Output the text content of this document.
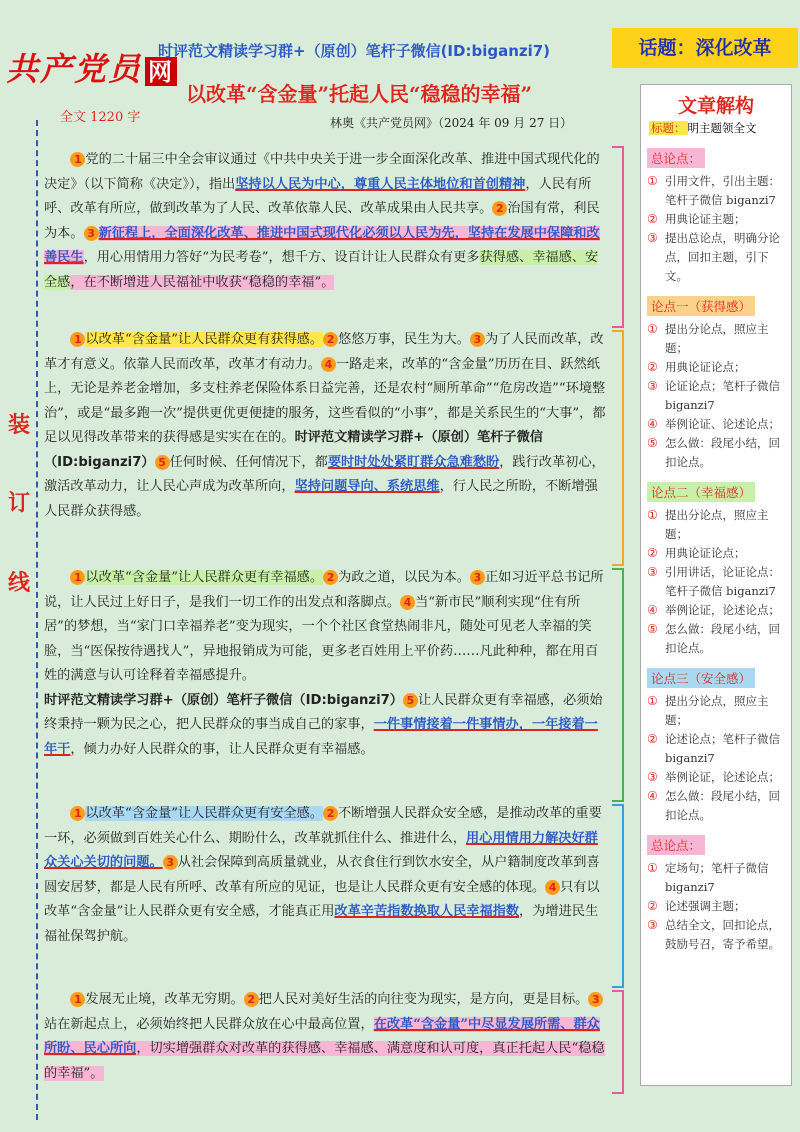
共产党员 网
时评范文精读学习群+（原创）笔杆子微信(ID:biganzi7)	话题：深化改革
以改革“含金量”托起人民“稳稳的幸福”
全文 1220 字	林奥《共产党员网》（2024 年 09 月 27 日）
装
订
线
1 党的二十届三中全会审议通过《中共中央关于进一步全面深化改革、推进中国式现代化的决定》（以下简称《决定》），指出坚持以人民为中心，尊重人民主体地位和首创精神，人民有所呼、改革有所应，做到改革为了人民、改革依靠人民、改革成果由人民共享。 2 治国有常，利民为本。 3 新征程上，全面深化改革、推进中国式现代化必须以人民为先，坚持在发展中保障和改善民生，用心用情用力答好“为民考卷”，想千方、设百计让人民群众有更多获得感、幸福感、安全感，在不断增进人民福祉中收获“稳稳的幸福”。
1 以改革“含金量”让人民群众更有获得感。 2 悠悠万事，民生为大。 3 为了人民而改革，改革才有意义。依靠人民而改革，改革才有动力。 4 一路走来，改革的“含金量”历历在目、跃然纸上，无论是养老金增加，多支柱养老保险体系日益完善，还是农村“厕所革命”“危房改造”“环境整治”，或是“最多跑一次”提供更优更便捷的服务，这些看似的“小事”，都是关系民生的“大事”，都足以见得改革带来的获得感是实实在在的。时评范文精读学习群+（原创）笔杆子微信（ID:biganzi7） 5 任何时候、任何情况下，都要时时处处紧盯群众急难愁盼，践行改革初心，激活改革动力，让人民心声成为改革所向，坚持问题导向、系统思维，行人民之所盼，不断增强人民群众获得感。
1 以改革“含金量”让人民群众更有幸福感。 2 为政之道，以民为本。 3 正如习近平总书记所说，让人民过上好日子，是我们一切工作的出发点和落脚点。 4 当“新市民”顺利实现“住有所居”的梦想，当“家门口幸福养老”变为现实，一个个社区食堂热闹非凡，随处可见老人幸福的笑脸，当“医保按待遇找人”，异地报销成为可能，更多老百姓用上平价药……凡此种种，都在用百姓的满意与认可诠释着幸福感提升。时评范文精读学习群+（原创）笔杆子微信（ID:biganzi7） 5 让人民群众更有幸福感，必须始终秉持一颗为民之心，把人民群众的事当成自己的家事，一件事情接着一件事情办，一年接着一年干，倾力办好人民群众的事，让人民群众更有幸福感。
1 以改革“含金量”让人民群众更有安全感。 2 不断增强人民群众安全感，是推动改革的重要一环，必须做到百姓关心什么、期盼什么，改革就抓住什么、推进什么，用心用情用力解决好群众关心关切的问题。 3 从社会保障到高质量就业，从衣食住行到饮水安全，从户籍制度改革到喜圆安居梦，都是人民有所呼、改革有所应的见证，也是让人民群众更有安全感的体现。 4 只有以改革“含金量”让人民群众更有安全感，才能真正用改革辛苦指数换取人民幸福指数，为增进民生福祉保驾护航。
1 发展无止境，改革无穷期。 2 把人民对美好生活的向往变为现实，是方向，更是目标。 3站在新起点上，必须始终把人民群众放在心中最高位置，在改革“含金量”中尽显发展所需、群众所盼、民心所向，切实增强群众对改革的获得感、幸福感、满意度和认可度，真正托起人民“稳稳的幸福”。
文章解构
标题： 明主题领全文
总论点：
① 引用文件，引出主题：笔杆子微信 biganzi7
② 用典论证主题；
③ 提出总论点，明确分论点，回扣主题，引下文。
论点一（获得感）
① 提出分论点，照应主题；
② 用典论证论点；
③ 论证论点；笔杆子微信 biganzi7
④ 举例论证、论述论点；
⑤ 怎么做：段尾小结，回扣论点。
论点二（幸福感）
① 提出分论点，照应主题；
② 用典论证论点；
③ 引用讲话，论证论点：笔杆子微信 biganzi7
④ 举例论证，论述论点；
⑤ 怎么做：段尾小结，回扣论点。
论点三（安全感）
① 提出分论点，照应主题；
② 论述论点；笔杆子微信 biganzi7
③ 举例论证，论述论点；
④ 怎么做：段尾小结，回扣论点。
总论点：
① 定场句；笔杆子微信 biganzi7
② 论述强调主题；
③ 总结全文，回扣论点，鼓励号召，寄予希望。
